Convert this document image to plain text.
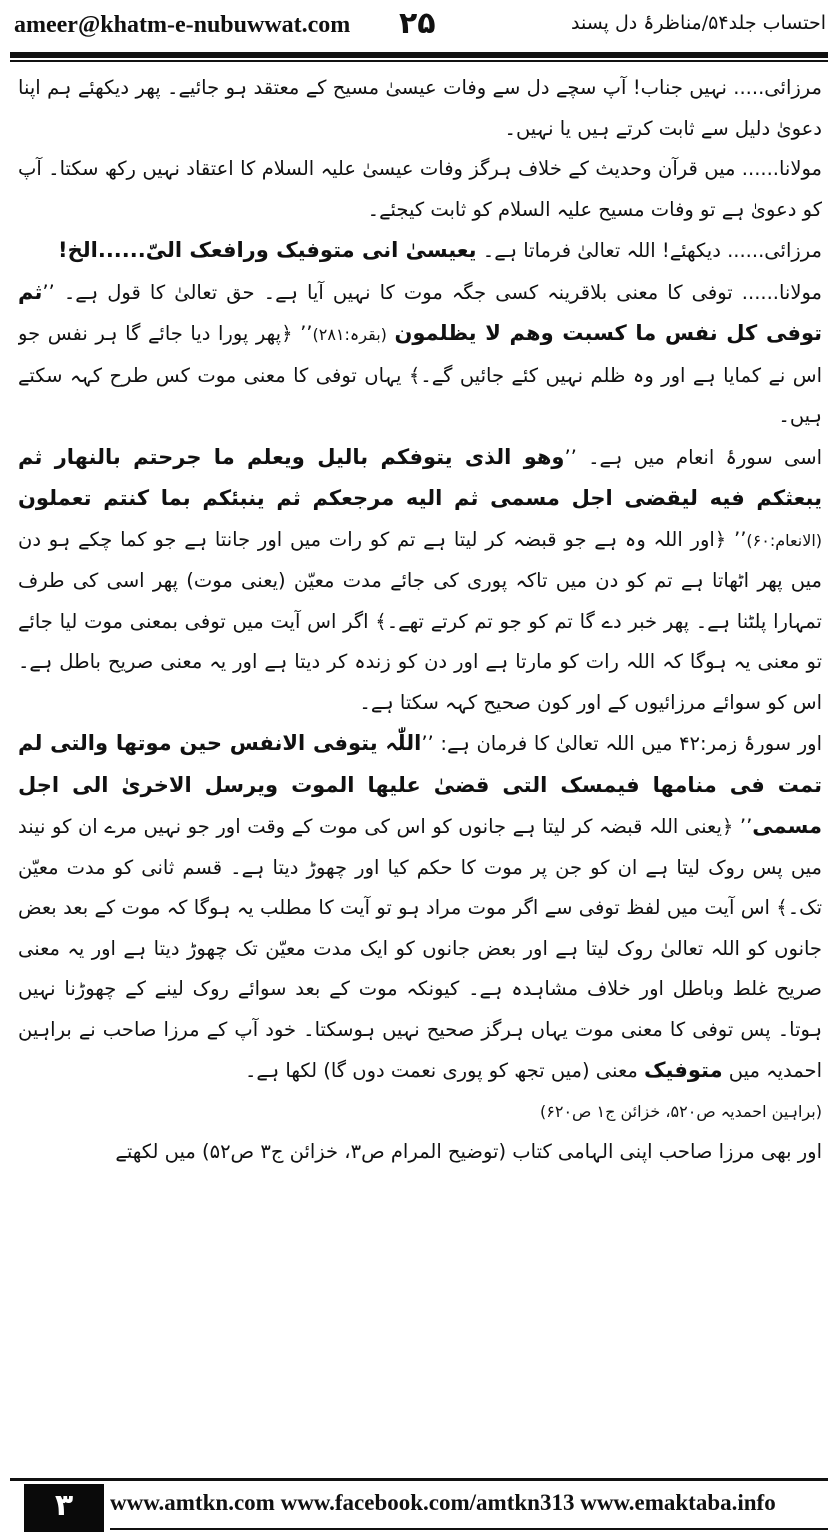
ameer@khatm-e-nubuwwat.com ۲۵	احتساب جلد۵۴/مناظرۂ دل پسند

مرزائی..... نہیں جناب! آپ سچے دل سے وفات عیسیٰ مسیح کے معتقد ہو جائیے۔ پھر دیکھئے ہم اپنا دعویٰ دلیل سے ثابت کرتے ہیں یا نہیں۔

مولانا...... میں قرآن وحدیث کے خلاف ہرگز وفات عیسیٰ علیہ السلام کا اعتقاد نہیں رکھ سکتا۔ آپ کو دعویٰ ہے تو وفات مسیح علیہ السلام کو ثابت کیجئے۔

مرزائی...... دیکھئے! اللہ تعالیٰ فرماتا ہے۔ یعیسیٰ انی متوفیک ورافعک الیّ......الخ!

مولانا...... توفی کا معنی بلاقرینہ کسی جگہ موت کا نہیں آیا ہے۔ حق تعالیٰ کا قول ہے۔ ’’ثم توفی کل نفس ما کسبت وهم لا یظلمون (بقرہ:۲۸۱)’’ ﴿پھر پورا دیا جائے گا ہر نفس جو اس نے کمایا ہے اور وہ ظلم نہیں کئے جائیں گے۔﴾ یہاں توفی کا معنی موت کس طرح کہہ سکتے ہیں۔

اسی سورۂ انعام میں ہے۔ ’’وهو الذی یتوفکم بالیل ویعلم ما جرحتم بالنهار ثم یبعثکم فیه لیقضی اجل مسمی ثم الیه مرجعکم ثم ینبئکم بما کنتم تعملون (الانعام:۶۰)’’ ﴿اور اللہ وہ ہے جو قبضہ کر لیتا ہے تم کو رات میں اور جانتا ہے جو کما چکے ہو دن میں پھر اٹھاتا ہے تم کو دن میں تاکہ پوری کی جائے مدت معیّن (یعنی موت) پھر اسی کی طرف تمہارا پلٹنا ہے۔ پھر خبر دے گا تم کو جو تم کرتے تھے۔﴾ اگر اس آیت میں توفی بمعنی موت لیا جائے تو معنی یہ ہوگا کہ اللہ رات کو مارتا ہے اور دن کو زندہ کر دیتا ہے اور یہ معنی صریح باطل ہے۔ اس کو سوائے مرزائیوں کے اور کون صحیح کہہ سکتا ہے۔

اور سورۂ زمر:۴۲ میں اللہ تعالیٰ کا فرمان ہے: ’’اللّٰہ یتوفی الانفس حین موتها والتی لم تمت فی منامها فیمسک التی قضیٰ علیها الموت ویرسل الاخریٰ الی اجل مسمی’’ ﴿یعنی اللہ قبضہ کر لیتا ہے جانوں کو اس کی موت کے وقت اور جو نہیں مرے ان کو نیند میں پس روک لیتا ہے ان کو جن پر موت کا حکم کیا اور چھوڑ دیتا ہے۔ قسم ثانی کو مدت معیّن تک۔﴾ اس آیت میں لفظ توفی سے اگر موت مراد ہو تو آیت کا مطلب یہ ہوگا کہ موت کے بعد بعض جانوں کو اللہ تعالیٰ روک لیتا ہے اور بعض جانوں کو ایک مدت معیّن تک چھوڑ دیتا ہے اور یہ معنی صریح غلط وباطل اور خلاف مشاہدہ ہے۔ کیونکہ موت کے بعد سوائے روک لینے کے چھوڑنا نہیں ہوتا۔ پس توفی کا معنی موت یہاں ہرگز صحیح نہیں ہوسکتا۔ خود آپ کے مرزا صاحب نے براہین احمدیہ میں متوفیک معنی (میں تجھ کو پوری نعمت دوں گا) لکھا ہے۔

(براہین احمدیہ ص۵۲۰، خزائن ج۱ ص۶۲۰)

اور بھی مرزا صاحب اپنی الہامی کتاب (توضیح المرام ص۳، خزائن ج۳ ص۵۲) میں لکھتے

۳	www.amtkn.com www.facebook.com/amtkn313 www.emaktaba.info
